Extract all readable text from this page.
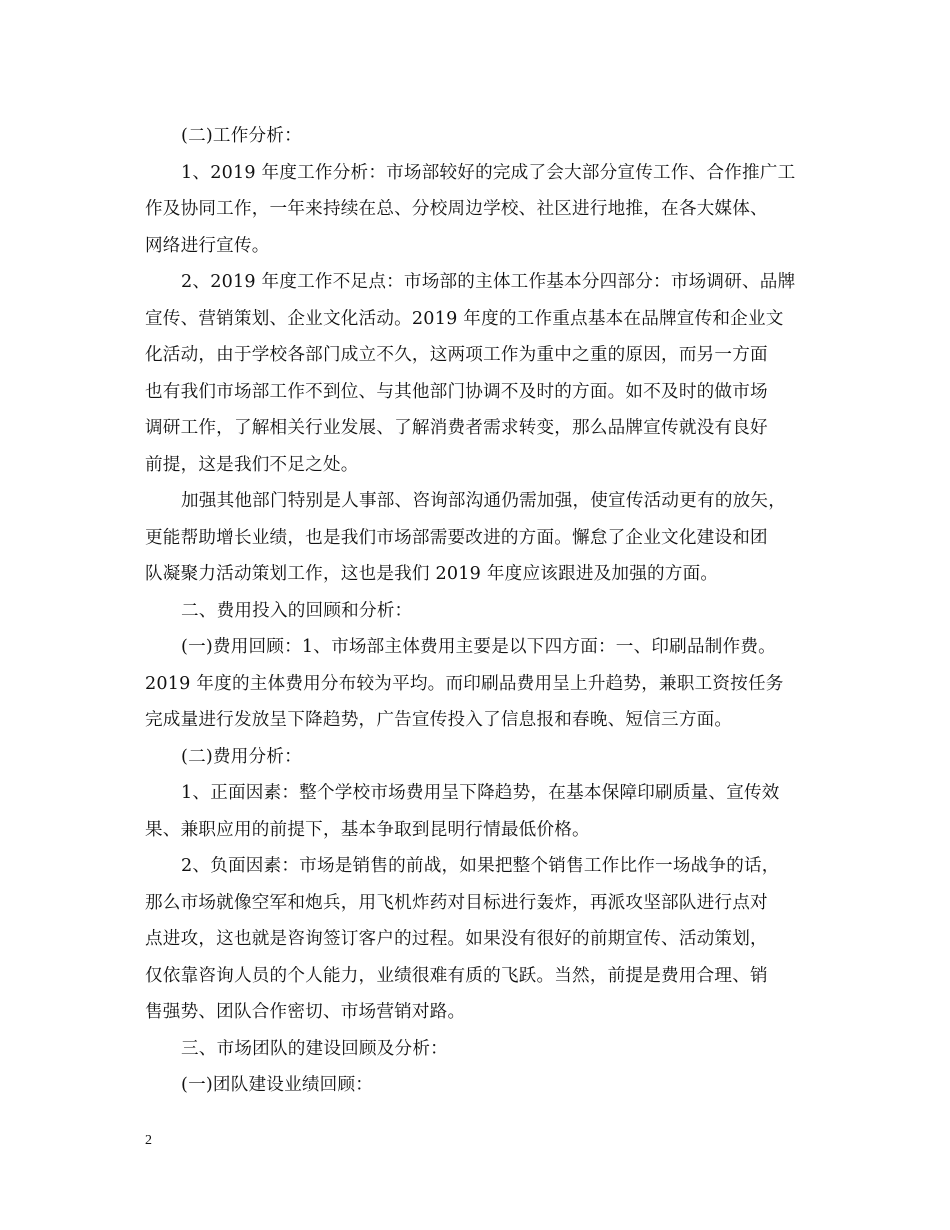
(二)工作分析：

1、2019 年度工作分析：市场部较好的完成了会大部分宣传工作、合作推广工

作及协同工作，一年来持续在总、分校周边学校、社区进行地推，在各大媒体、

网络进行宣传。

2、2019 年度工作不足点：市场部的主体工作基本分四部分：市场调研、品牌

宣传、营销策划、企业文化活动。2019 年度的工作重点基本在品牌宣传和企业文

化活动，由于学校各部门成立不久，这两项工作为重中之重的原因，而另一方面

也有我们市场部工作不到位、与其他部门协调不及时的方面。如不及时的做市场

调研工作，了解相关行业发展、了解消费者需求转变，那么品牌宣传就没有良好

前提，这是我们不足之处。

加强其他部门特别是人事部、咨询部沟通仍需加强，使宣传活动更有的放矢，

更能帮助增长业绩，也是我们市场部需要改进的方面。懈怠了企业文化建设和团

队凝聚力活动策划工作，这也是我们 2019 年度应该跟进及加强的方面。

二、费用投入的回顾和分析：

(一)费用回顾：1、市场部主体费用主要是以下四方面：一、印刷品制作费。

2019 年度的主体费用分布较为平均。而印刷品费用呈上升趋势，兼职工资按任务

完成量进行发放呈下降趋势，广告宣传投入了信息报和春晚、短信三方面。

(二)费用分析：

1、正面因素：整个学校市场费用呈下降趋势，在基本保障印刷质量、宣传效

果、兼职应用的前提下，基本争取到昆明行情最低价格。

2、负面因素：市场是销售的前战，如果把整个销售工作比作一场战争的话，

那么市场就像空军和炮兵，用飞机炸药对目标进行轰炸，再派攻坚部队进行点对

点进攻，这也就是咨询签订客户的过程。如果没有很好的前期宣传、活动策划，

仅依靠咨询人员的个人能力，业绩很难有质的飞跃。当然，前提是费用合理、销

售强势、团队合作密切、市场营销对路。

三、市场团队的建设回顾及分析：

(一)团队建设业绩回顾：

2
